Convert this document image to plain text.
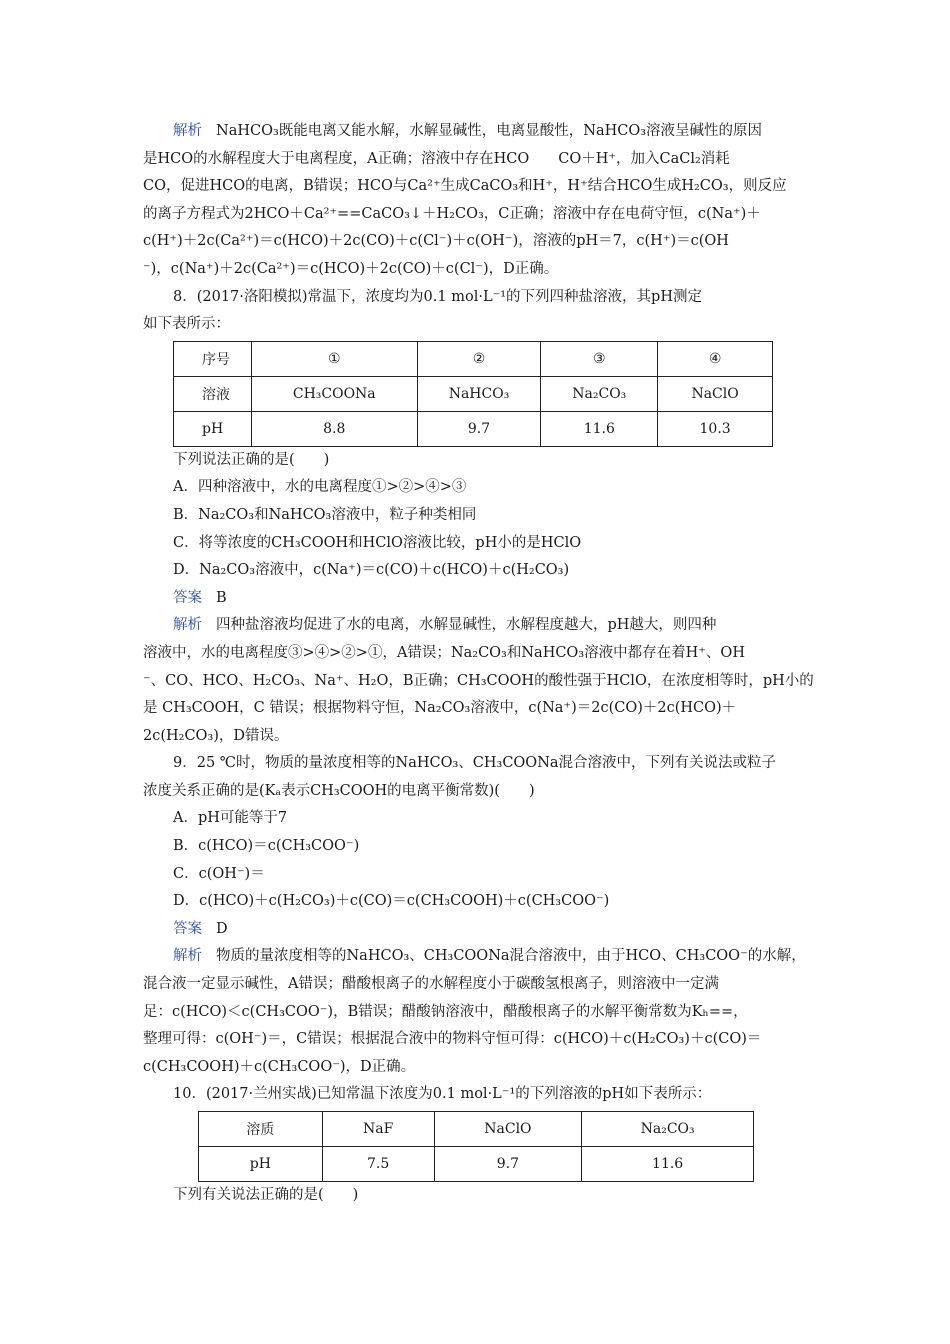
解析 NaHCO₃既能电离又能水解，水解显碱性，电离显酸性，NaHCO₃溶液呈碱性的原因
是HCO的水解程度大于电离程度，A正确；溶液中存在HCO　　CO＋H⁺，加入CaCl₂消耗
CO，促进HCO的电离，B错误；HCO与Ca²⁺生成CaCO₃和H⁺，H⁺结合HCO生成H₂CO₃，则反应
的离子方程式为2HCO＋Ca²⁺==CaCO₃↓＋H₂CO₃，C正确；溶液中存在电荷守恒，c(Na⁺)＋
c(H⁺)＋2c(Ca²⁺)＝c(HCO)＋2c(CO)＋c(Cl⁻)＋c(OH⁻)，溶液的pH＝7，c(H⁺)＝c(OH
⁻)，c(Na⁺)＋2c(Ca²⁺)＝c(HCO)＋2c(CO)＋c(Cl⁻)，D正确。
8．(2017·洛阳模拟)常温下，浓度均为0.1 mol·L⁻¹的下列四种盐溶液，其pH测定
如下表所示：
序号	①	②	③	④
溶液	CH₃COONa	NaHCO₃	Na₂CO₃	NaClO
pH	8.8	9.7	11.6	10.3
下列说法正确的是(　　)
A．四种溶液中，水的电离程度①>②>④>③
B．Na₂CO₃和NaHCO₃溶液中，粒子种类相同
C．将等浓度的CH₃COOH和HClO溶液比较，pH小的是HClO
D．Na₂CO₃溶液中，c(Na⁺)＝c(CO)＋c(HCO)＋c(H₂CO₃)
答案 B
解析 四种盐溶液均促进了水的电离，水解显碱性，水解程度越大，pH越大，则四种
溶液中，水的电离程度③>④>②>①，A错误；Na₂CO₃和NaHCO₃溶液中都存在着H⁺、OH
⁻、CO、HCO、H₂CO₃、Na⁺、H₂O，B正确；CH₃COOH的酸性强于HClO，在浓度相等时，pH小的
是 CH₃COOH，C 错误；根据物料守恒，Na₂CO₃溶液中，c(Na⁺)＝2c(CO)＋2c(HCO)＋
2c(H₂CO₃)，D错误。
9．25 ℃时，物质的量浓度相等的NaHCO₃、CH₃COONa混合溶液中，下列有关说法或粒子
浓度关系正确的是(Kₐ表示CH₃COOH的电离平衡常数)(　　)
A．pH可能等于7
B．c(HCO)＝c(CH₃COO⁻)
C．c(OH⁻)＝
D．c(HCO)＋c(H₂CO₃)＋c(CO)＝c(CH₃COOH)＋c(CH₃COO⁻)
答案 D
解析 物质的量浓度相等的NaHCO₃、CH₃COONa混合溶液中，由于HCO、CH₃COO⁻的水解，
混合液一定显示碱性，A错误；醋酸根离子的水解程度小于碳酸氢根离子，则溶液中一定满
足：c(HCO)＜c(CH₃COO⁻)，B错误；醋酸钠溶液中，醋酸根离子的水解平衡常数为Kₕ==，
整理可得：c(OH⁻)＝，C错误；根据混合液中的物料守恒可得：c(HCO)＋c(H₂CO₃)＋c(CO)＝
c(CH₃COOH)＋c(CH₃COO⁻)，D正确。
10．(2017·兰州实战)已知常温下浓度为0.1 mol·L⁻¹的下列溶液的pH如下表所示：
溶质	NaF	NaClO	Na₂CO₃
pH	7.5	9.7	11.6
下列有关说法正确的是(　　)
